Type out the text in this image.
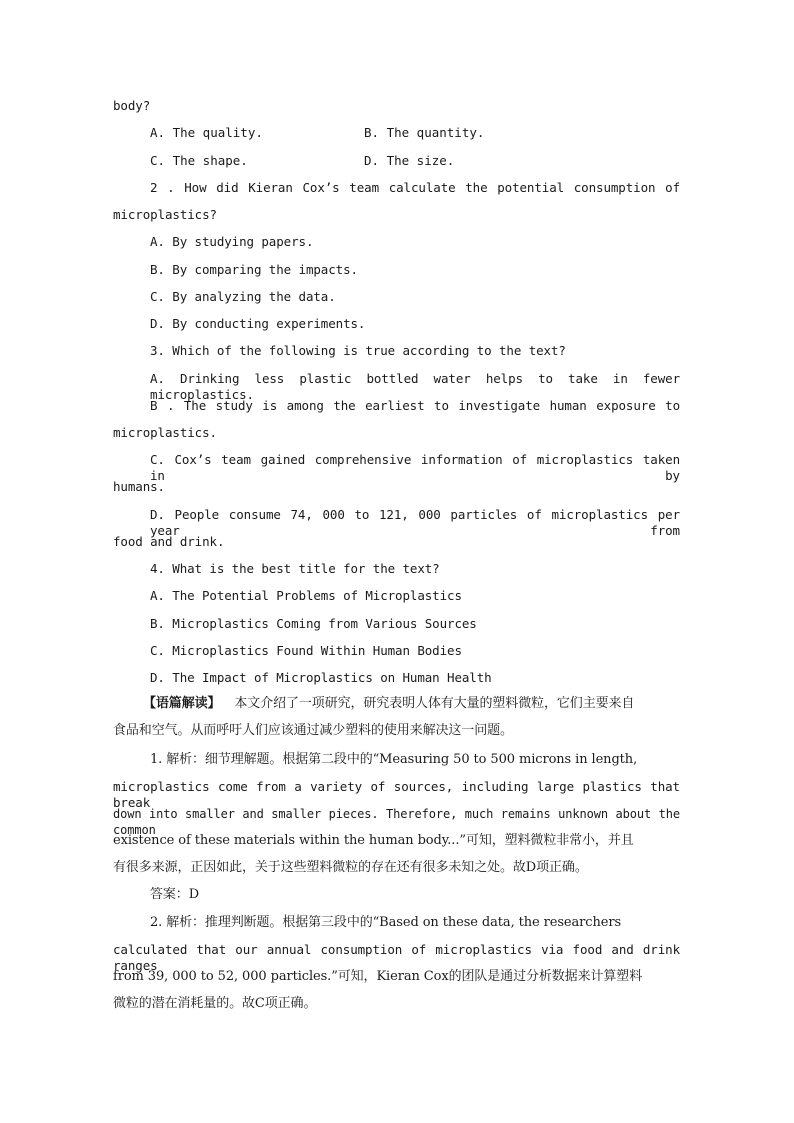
body?
A. The quality.	B. The quantity.
C. The shape.	D. The size.
2 . How did Kieran Cox’s team calculate the potential consumption of
microplastics?
A. By studying papers.
B. By comparing the impacts.
C. By analyzing the data.
D. By conducting experiments.
3. Which of the following is true according to the text?
A. Drinking less plastic bottled water helps to take in fewer microplastics.
B . The study is among the earliest to investigate human exposure to
microplastics.
C. Cox’s team gained comprehensive information of microplastics taken in by
humans.
D. People consume 74, 000 to 121, 000 particles of microplastics per year from
food and drink.
4. What is the best title for the text?
A. The Potential Problems of Microplastics
B. Microplastics Coming from Various Sources
C. Microplastics Found Within Human Bodies
D. The Impact of Microplastics on Human Health
【语篇解读】 本文介绍了一项研究，研究表明人体有大量的塑料微粒，它们主要来自
食品和空气。从而呼吁人们应该通过减少塑料的使用来解决这一问题。
1. 解析：细节理解题。根据第二段中的“Measuring 50 to 500 microns in length,
microplastics come from a variety of sources, including large plastics that break
down into smaller and smaller pieces. Therefore, much remains unknown about the common
existence of these materials within the human body...”可知，塑料微粒非常小，并且
有很多来源，正因如此，关于这些塑料微粒的存在还有很多未知之处。故D项正确。
答案：D
2. 解析：推理判断题。根据第三段中的“Based on these data, the researchers
calculated that our annual consumption of microplastics via food and drink ranges
from 39, 000 to 52, 000 particles.”可知，Kieran Cox的团队是通过分析数据来计算塑料
微粒的潜在消耗量的。故C项正确。
